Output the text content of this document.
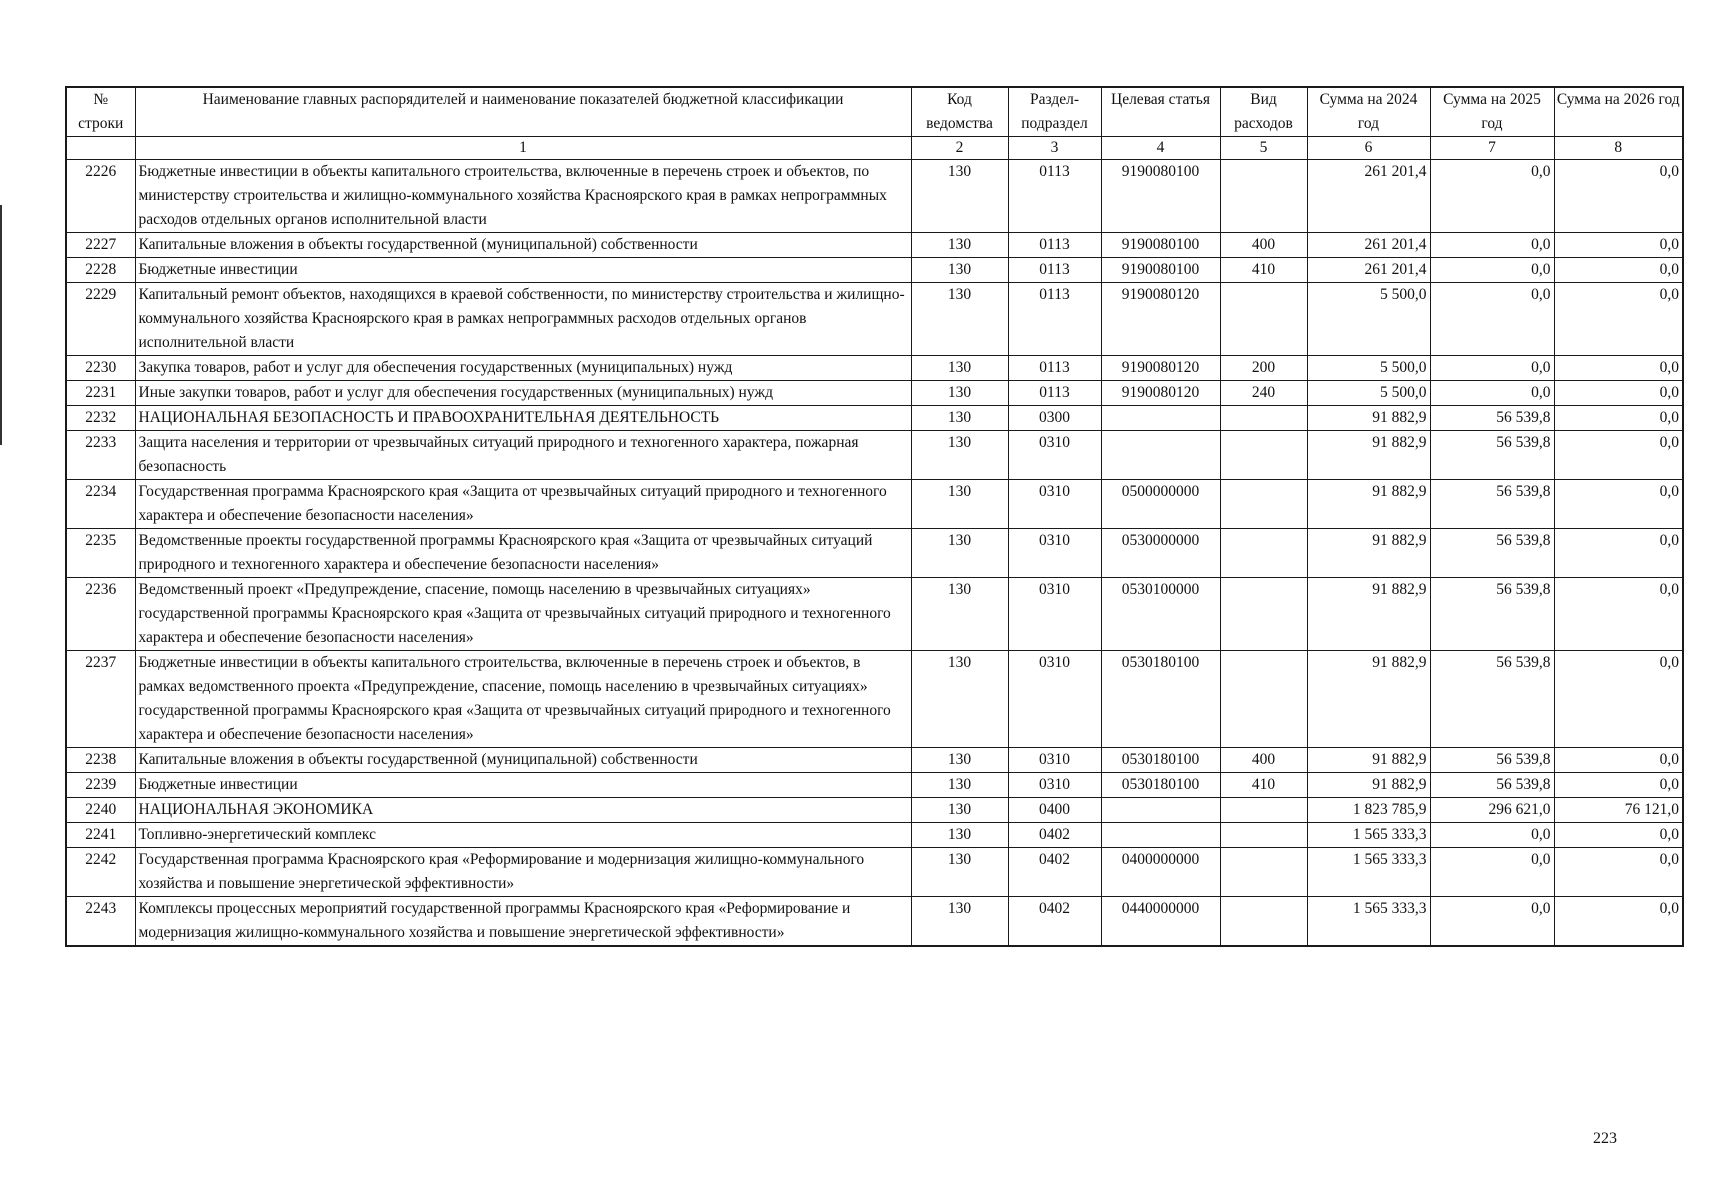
№ строки	Наименование главных распорядителей и наименование показателей бюджетной классификации	Код ведомства	Раздел-подраздел	Целевая статья	Вид расходов	Сумма на 2024 год	Сумма на 2025 год	Сумма на 2026 год
	1	2	3	4	5	6	7	8
2226	Бюджетные инвестиции в объекты капитального строительства, включенные в перечень строек и объектов, по министерству строительства и жилищно-коммунального хозяйства Красноярского края в рамках непрограммных расходов отдельных органов исполнительной власти	130	0113	9190080100		261 201,4	0,0	0,0
2227	Капитальные вложения в объекты государственной (муниципальной) собственности	130	0113	9190080100	400	261 201,4	0,0	0,0
2228	Бюджетные инвестиции	130	0113	9190080100	410	261 201,4	0,0	0,0
2229	Капитальный ремонт объектов, находящихся в краевой собственности, по министерству строительства и жилищно-коммунального хозяйства Красноярского края в рамках непрограммных расходов отдельных органов исполнительной власти	130	0113	9190080120		5 500,0	0,0	0,0
2230	Закупка товаров, работ и услуг для обеспечения государственных (муниципальных) нужд	130	0113	9190080120	200	5 500,0	0,0	0,0
2231	Иные закупки товаров, работ и услуг для обеспечения государственных (муниципальных) нужд	130	0113	9190080120	240	5 500,0	0,0	0,0
2232	НАЦИОНАЛЬНАЯ БЕЗОПАСНОСТЬ И ПРАВООХРАНИТЕЛЬНАЯ ДЕЯТЕЛЬНОСТЬ	130	0300			91 882,9	56 539,8	0,0
2233	Защита населения и территории от чрезвычайных ситуаций природного и техногенного характера, пожарная безопасность	130	0310			91 882,9	56 539,8	0,0
2234	Государственная программа Красноярского края «Защита от чрезвычайных ситуаций природного и техногенного характера и обеспечение безопасности населения»	130	0310	0500000000		91 882,9	56 539,8	0,0
2235	Ведомственные проекты государственной программы Красноярского края «Защита от чрезвычайных ситуаций природного и техногенного характера и обеспечение безопасности населения»	130	0310	0530000000		91 882,9	56 539,8	0,0
2236	Ведомственный проект «Предупреждение, спасение, помощь населению в чрезвычайных ситуациях» государственной программы Красноярского края «Защита от чрезвычайных ситуаций природного и техногенного характера и обеспечение безопасности населения»	130	0310	0530100000		91 882,9	56 539,8	0,0
2237	Бюджетные инвестиции в объекты капитального строительства, включенные в перечень строек и объектов, в рамках ведомственного проекта «Предупреждение, спасение, помощь населению в чрезвычайных ситуациях» государственной программы Красноярского края «Защита от чрезвычайных ситуаций природного и техногенного характера и обеспечение безопасности населения»	130	0310	0530180100		91 882,9	56 539,8	0,0
2238	Капитальные вложения в объекты государственной (муниципальной) собственности	130	0310	0530180100	400	91 882,9	56 539,8	0,0
2239	Бюджетные инвестиции	130	0310	0530180100	410	91 882,9	56 539,8	0,0
2240	НАЦИОНАЛЬНАЯ ЭКОНОМИКА	130	0400			1 823 785,9	296 621,0	76 121,0
2241	Топливно-энергетический комплекс	130	0402			1 565 333,3	0,0	0,0
2242	Государственная программа Красноярского края «Реформирование и модернизация жилищно-коммунального хозяйства и повышение энергетической эффективности»	130	0402	0400000000		1 565 333,3	0,0	0,0
2243	Комплексы процессных мероприятий государственной программы Красноярского края «Реформирование и модернизация жилищно-коммунального хозяйства и повышение энергетической эффективности»	130	0402	0440000000		1 565 333,3	0,0	0,0
223
